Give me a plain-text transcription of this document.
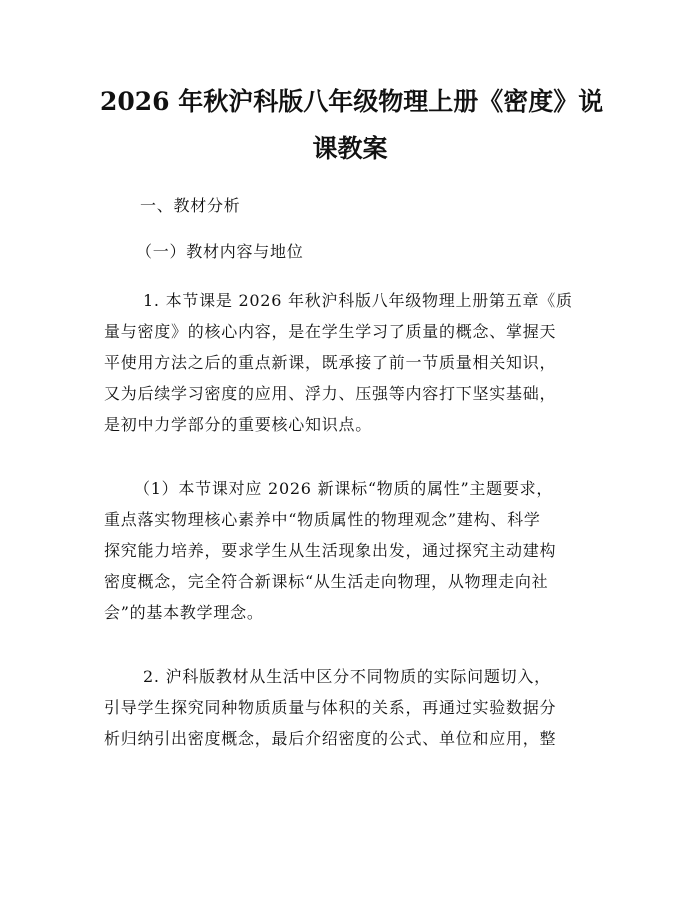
2026 年秋沪科版八年级物理上册《密度》说
课教案

一、教材分析

（一）教材内容与地位

1. 本节课是 2026 年秋沪科版八年级物理上册第五章《质

量与密度》的核心内容，是在学生学习了质量的概念、掌握天

平使用方法之后的重点新课，既承接了前一节质量相关知识，

又为后续学习密度的应用、浮力、压强等内容打下坚实基础，

是初中力学部分的重要核心知识点。

（1）本节课对应 2026 新课标“物质的属性”主题要求，

重点落实物理核心素养中“物质属性的物理观念”建构、科学

探究能力培养，要求学生从生活现象出发，通过探究主动建构

密度概念，完全符合新课标“从生活走向物理，从物理走向社

会”的基本教学理念。

2. 沪科版教材从生活中区分不同物质的实际问题切入，

引导学生探究同种物质质量与体积的关系，再通过实验数据分

析归纳引出密度概念，最后介绍密度的公式、单位和应用，整
